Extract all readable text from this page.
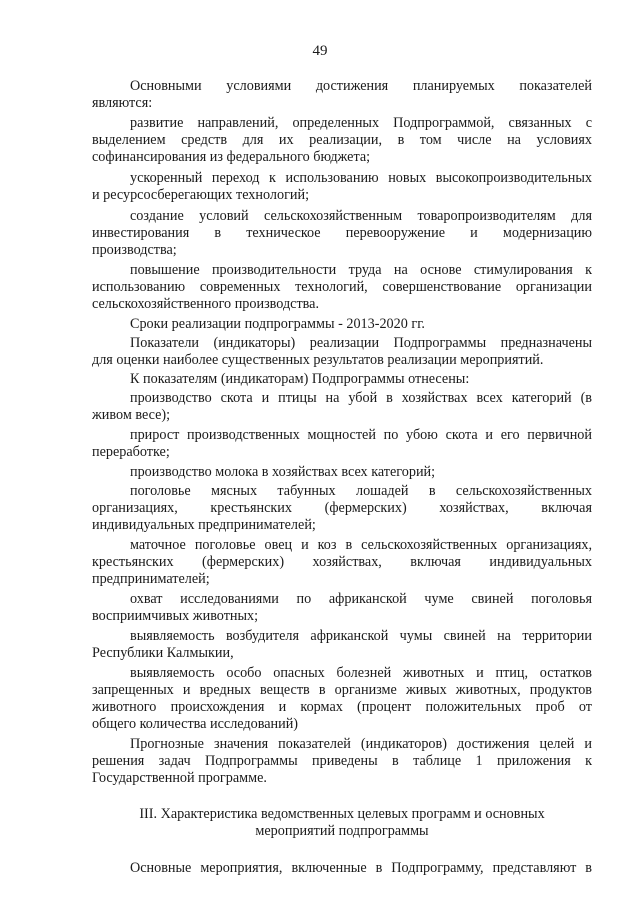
49

Основными условиями достижения планируемых показателей

являются:

развитие направлений, определенных Подпрограммой, связанных с

выделением средств для их реализации, в том числе на условиях

софинансирования из федерального бюджета;

ускоренный переход к использованию новых высокопроизводительных

и ресурсосберегающих технологий;

создание условий сельскохозяйственным товаропроизводителям для

инвестирования в техническое перевооружение и модернизацию

производства;

повышение производительности труда на основе стимулирования к

использованию современных технологий, совершенствование организации

сельскохозяйственного производства.

Сроки реализации подпрограммы - 2013-2020 гг.

Показатели (индикаторы) реализации Подпрограммы предназначены

для оценки наиболее существенных результатов реализации мероприятий.

К показателям (индикаторам) Подпрограммы отнесены:

производство скота и птицы на убой в хозяйствах всех категорий (в

живом весе);

прирост производственных мощностей по убою скота и его первичной

переработке;

производство молока в хозяйствах всех категорий;

поголовье мясных табунных лошадей в сельскохозяйственных

организациях, крестьянских (фермерских) хозяйствах, включая

индивидуальных предпринимателей;

маточное поголовье овец и коз в сельскохозяйственных организациях,

крестьянских (фермерских) хозяйствах, включая индивидуальных

предпринимателей;

охват исследованиями по африканской чуме свиней поголовья

восприимчивых животных;

выявляемость возбудителя африканской чумы свиней на территории

Республики Калмыкии,

выявляемость особо опасных болезней животных и птиц, остатков

запрещенных и вредных веществ в организме живых животных, продуктов

животного происхождения и кормах (процент положительных проб от

общего количества исследований)

Прогнозные значения показателей (индикаторов) достижения целей и

решения задач Подпрограммы приведены в таблице 1 приложения к

Государственной программе.

III. Характеристика ведомственных целевых программ и основных

мероприятий подпрограммы

Основные мероприятия, включенные в Подпрограмму, представляют в
